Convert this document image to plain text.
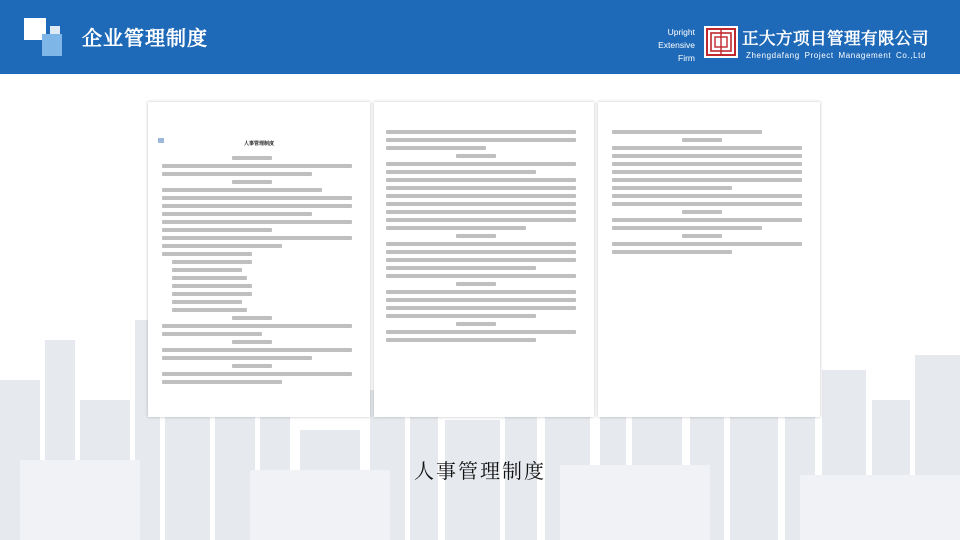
企业管理制度	Upright
Extensive
Firm
正大方项目管理有限公司
Zhengdafang Project Management Co.,Ltd
人事管理制度
人事管理制度
